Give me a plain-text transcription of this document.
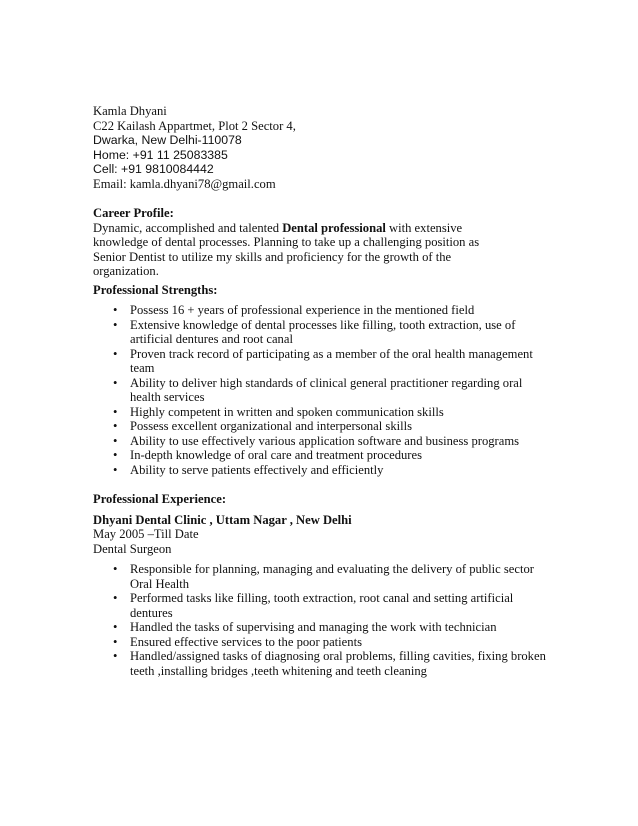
Kamla Dhyani
C22 Kailash Appartmet, Plot 2 Sector 4,
Dwarka, New Delhi-110078
Home: +91 11 25083385
Cell: +91 9810084442
Email: kamla.dhyani78@gmail.com
Career Profile:
Dynamic, accomplished and talented Dental professional with extensive knowledge of dental processes. Planning to take up a challenging position as Senior Dentist to utilize my skills and proficiency for the growth of the organization.
Professional Strengths:
• Possess 16 + years of professional experience in the mentioned field
• Extensive knowledge of dental processes like filling, tooth extraction, use of artificial dentures and root canal
• Proven track record of participating as a member of the oral health management team
• Ability to deliver high standards of clinical general practitioner regarding oral health services
• Highly competent in written and spoken communication skills
• Possess excellent organizational and interpersonal skills
• Ability to use effectively various application software and business programs
• In-depth knowledge of oral care and treatment procedures
• Ability to serve patients effectively and efficiently
Professional Experience:
Dhyani Dental Clinic , Uttam Nagar , New Delhi
May 2005 –Till Date
Dental Surgeon
• Responsible for planning, managing and evaluating the delivery of public sector Oral Health
• Performed tasks like filling, tooth extraction, root canal and setting artificial dentures
• Handled the tasks of supervising and managing the work with technician
• Ensured effective services to the poor patients
• Handled/assigned tasks of diagnosing oral problems, filling cavities, fixing broken teeth ,installing bridges ,teeth whitening and teeth cleaning
